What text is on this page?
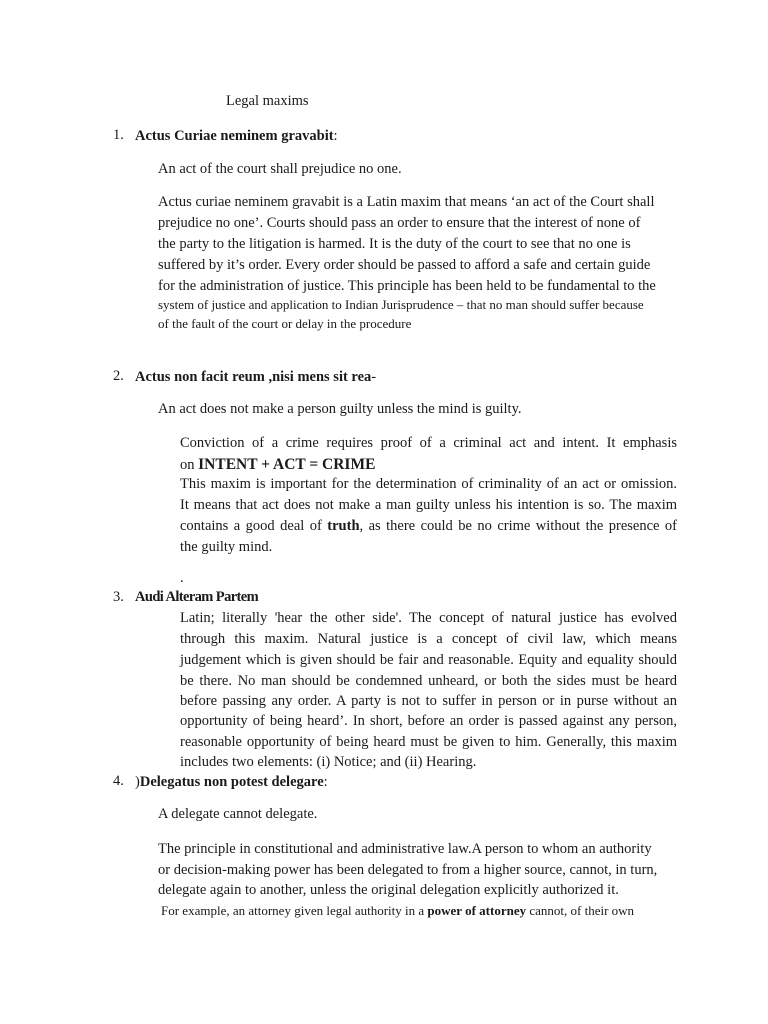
Legal maxims
1. Actus Curiae neminem gravabit:
An act of the court shall prejudice no one.
Actus curiae neminem gravabit is a Latin maxim that means ‘an act of the Court shall
prejudice no one’. Courts should pass an order to ensure that the interest of none of
the party to the litigation is harmed. It is the duty of the court to see that no one is
suffered by it’s order. Every order should be passed to afford a safe and certain guide
for the administration of justice. This principle has been held to be fundamental to the
system of justice and application to Indian Jurisprudence – that no man should suffer because
of the fault of the court or delay in the procedure
2. Actus non facit reum ,nisi mens sit rea-
An act does not make a person guilty unless the mind is guilty.
Conviction of a crime requires proof of a criminal act and intent. It emphasis
on INTENT + ACT = CRIME
This maxim is important for the determination of criminality of an act or omission.
It means that act does not make a man guilty unless his intention is so. The maxim
contains a good deal of truth, as there could be no crime without the presence of
the guilty mind.
.
3. Audi Alteram Partem
Latin; literally 'hear the other side'. The concept of natural justice has evolved
through this maxim. Natural justice is a concept of civil law, which means
judgement which is given should be fair and reasonable. Equity and equality should
be there. No man should be condemned unheard, or both the sides must be heard
before passing any order. A party is not to suffer in person or in purse without an
opportunity of being heard’. In short, before an order is passed against any person,
reasonable opportunity of being heard must be given to him. Generally, this maxim
includes two elements: (i) Notice; and (ii) Hearing.
4. )Delegatus non potest delegare:
A delegate cannot delegate.
The principle in constitutional and administrative law.A person to whom an authority
or decision-making power has been delegated to from a higher source, cannot, in turn,
delegate again to another, unless the original delegation explicitly authorized it.
For example, an attorney given legal authority in a power of attorney cannot, of their own
